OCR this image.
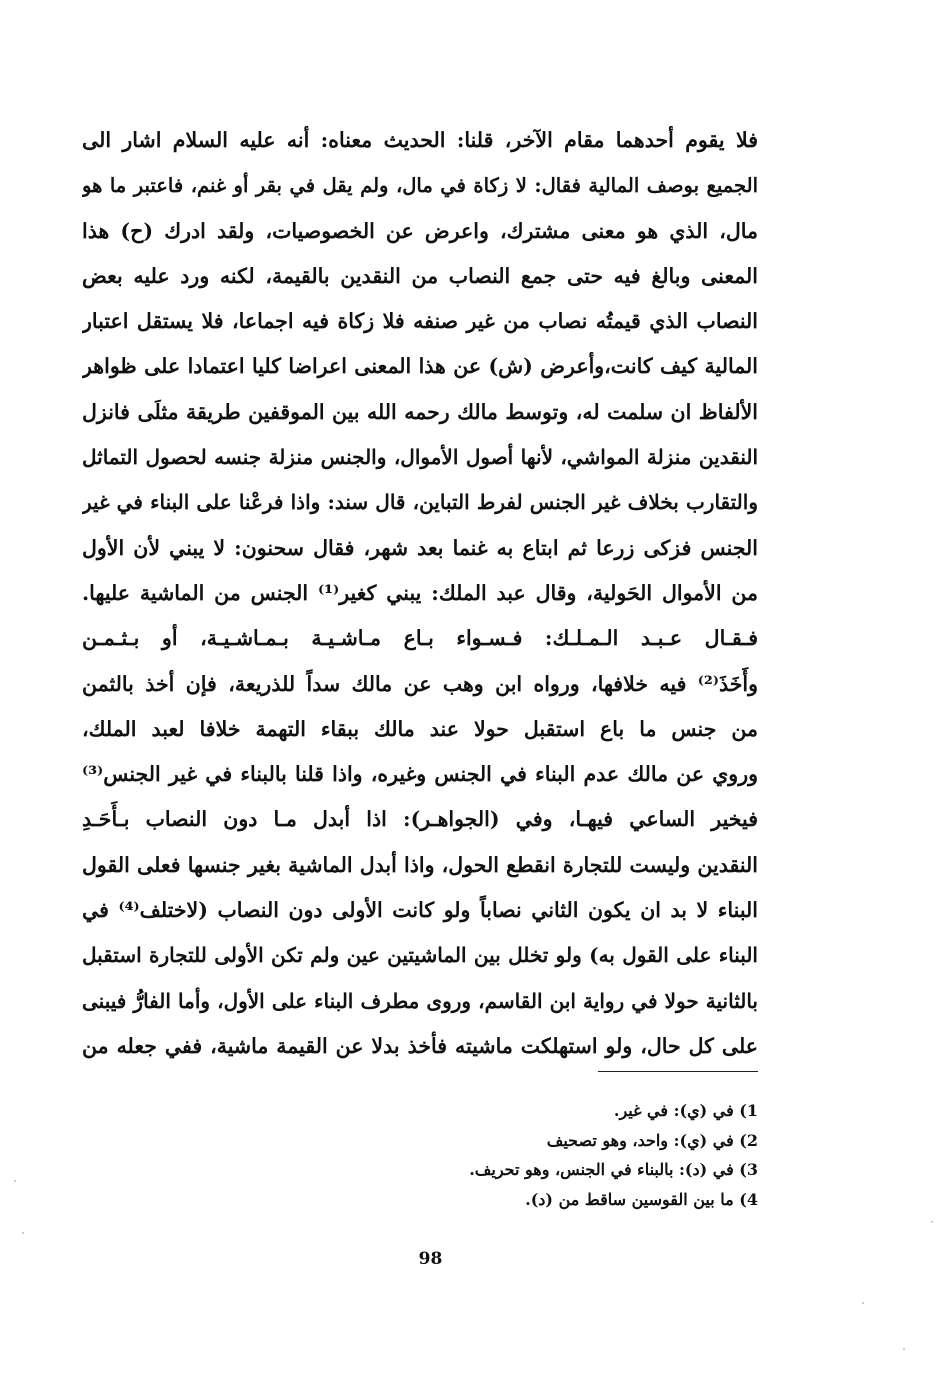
فلا يقوم أحدهما مقام الآخر، قلنا: الحديث معناه: أنه عليه السلام اشار الى
الجميع بوصف المالية فقال: لا زكاة في مال، ولم يقل في بقر أو غنم، فاعتبر ما هو
مال، الذي هو معنى مشترك، واعرض عن الخصوصيات، ولقد ادرك (ح) هذا
المعنى وبالغ فيه حتى جمع النصاب من النقدين بالقيمة، لكنه ورد عليه بعض
النصاب الذي قيمتُه نصاب من غير صنفه فلا زكاة فيه اجماعا، فلا يستقل اعتبار
المالية كيف كانت،وأعرض (ش) عن هذا المعنى اعراضا كليا اعتمادا على ظواهر
الألفاظ ان سلمت له، وتوسط مالك رحمه الله بين الموقفين طريقة مثلَى فانزل
النقدين منزلة المواشي، لأنها أصول الأموال، والجنس منزلة جنسه لحصول التماثل
والتقارب بخلاف غير الجنس لفرط التباين، قال سند: واذا فرعْنا على البناء في غير
الجنس فزكى زرعا ثم ابتاع به غنما بعد شهر، فقال سحنون: لا يبني لأن الأول
من الأموال الحَولية، وقال عبد الملك: يبني كغير⁽¹⁾ الجنس من الماشية عليها.
فـقـال عـبـد الـمـلـك: فـسـواء بـاع مـاشـيـة بـمـاشـيـة، أو بـثـمـن
وأَخَذَ⁽²⁾ فيه خلافها، ورواه ابن وهب عن مالك سداً للذريعة، فإن أخذ بالثمن
من جنس ما باع استقبل حولا عند مالك ببقاء التهمة خلافا لعبد الملك،
وروي عن مالك عدم البناء في الجنس وغيره، واذا قلنا بالبناء في غير الجنس⁽³⁾
فيخير الساعي فيهـا، وفي (الجواهـر): اذا أبدل مـا دون النصاب بـأَحَـدِ
النقدين وليست للتجارة انقطع الحول، واذا أبدل الماشية بغير جنسها فعلى القول
ُالبناء لا بد ان يكون الثاني نصاباً ولو كانت الأولى دون النصاب (لاختلف⁽⁴⁾ في
البناء على القول به) ولو تخلل بين الماشيتين عين ولم تكن الأولى للتجارة استقبل
بالثانية حولا في رواية ابن القاسم، وروى مطرف البناء على الأول، وأما الفارُّ فيبنى
على كل حال، ولو استهلكت ماشيته فأخذ بدلا عن القيمة ماشية، ففي جعله من
1) في (ي): في غير.
2) في (ي): واحد، وهو تصحيف
3) في (د): بالبناء في الجنس، وهو تحريف.
4) ما بين القوسين ساقط من (د).
98
